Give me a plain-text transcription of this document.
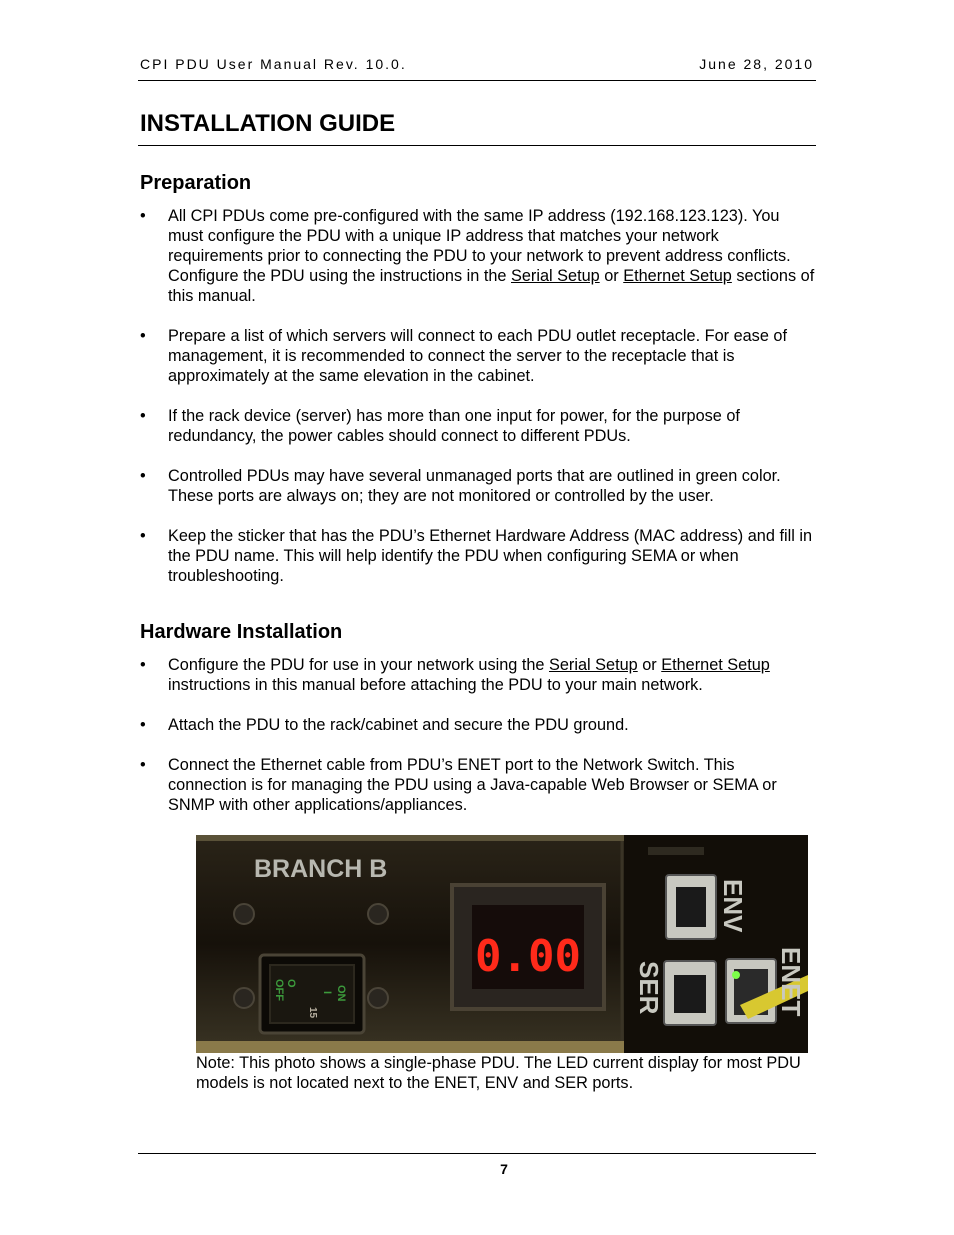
CPI PDU User Manual Rev. 10.0.	June 28, 2010
INSTALLATION GUIDE
Preparation
•	All CPI PDUs come pre-configured with the same IP address (192.168.123.123). You must configure the PDU with a unique IP address that matches your network requirements prior to connecting the PDU to your network to prevent address conflicts. Configure the PDU using the instructions in the Serial Setup or Ethernet Setup sections of this manual.
•	Prepare a list of which servers will connect to each PDU outlet receptacle. For ease of management, it is recommended to connect the server to the receptacle that is approximately at the same elevation in the cabinet.
•	If the rack device (server) has more than one input for power, for the purpose of redundancy, the power cables should connect to different PDUs.
•	Controlled PDUs may have several unmanaged ports that are outlined in green color. These ports are always on; they are not monitored or controlled by the user.
•	Keep the sticker that has the PDU’s Ethernet Hardware Address (MAC address) and fill in the PDU name. This will help identify the PDU when configuring SEMA or when troubleshooting.
Hardware Installation
•	Configure the PDU for use in your network using the Serial Setup or Ethernet Setup instructions in this manual before attaching the PDU to your main network.
•	Attach the PDU to the rack/cabinet and secure the PDU ground.
•	Connect the Ethernet cable from PDU’s ENET port to the Network Switch. This connection is for managing the PDU using a Java-capable Web Browser or SEMA or SNMP with other applications/appliances.
BRANCH B
ON
I
O
OFF
15
0.00
ENV
SER	ENET
Note: This photo shows a single-phase PDU. The LED current display for most PDU models is not located next to the ENET, ENV and SER ports.
7
